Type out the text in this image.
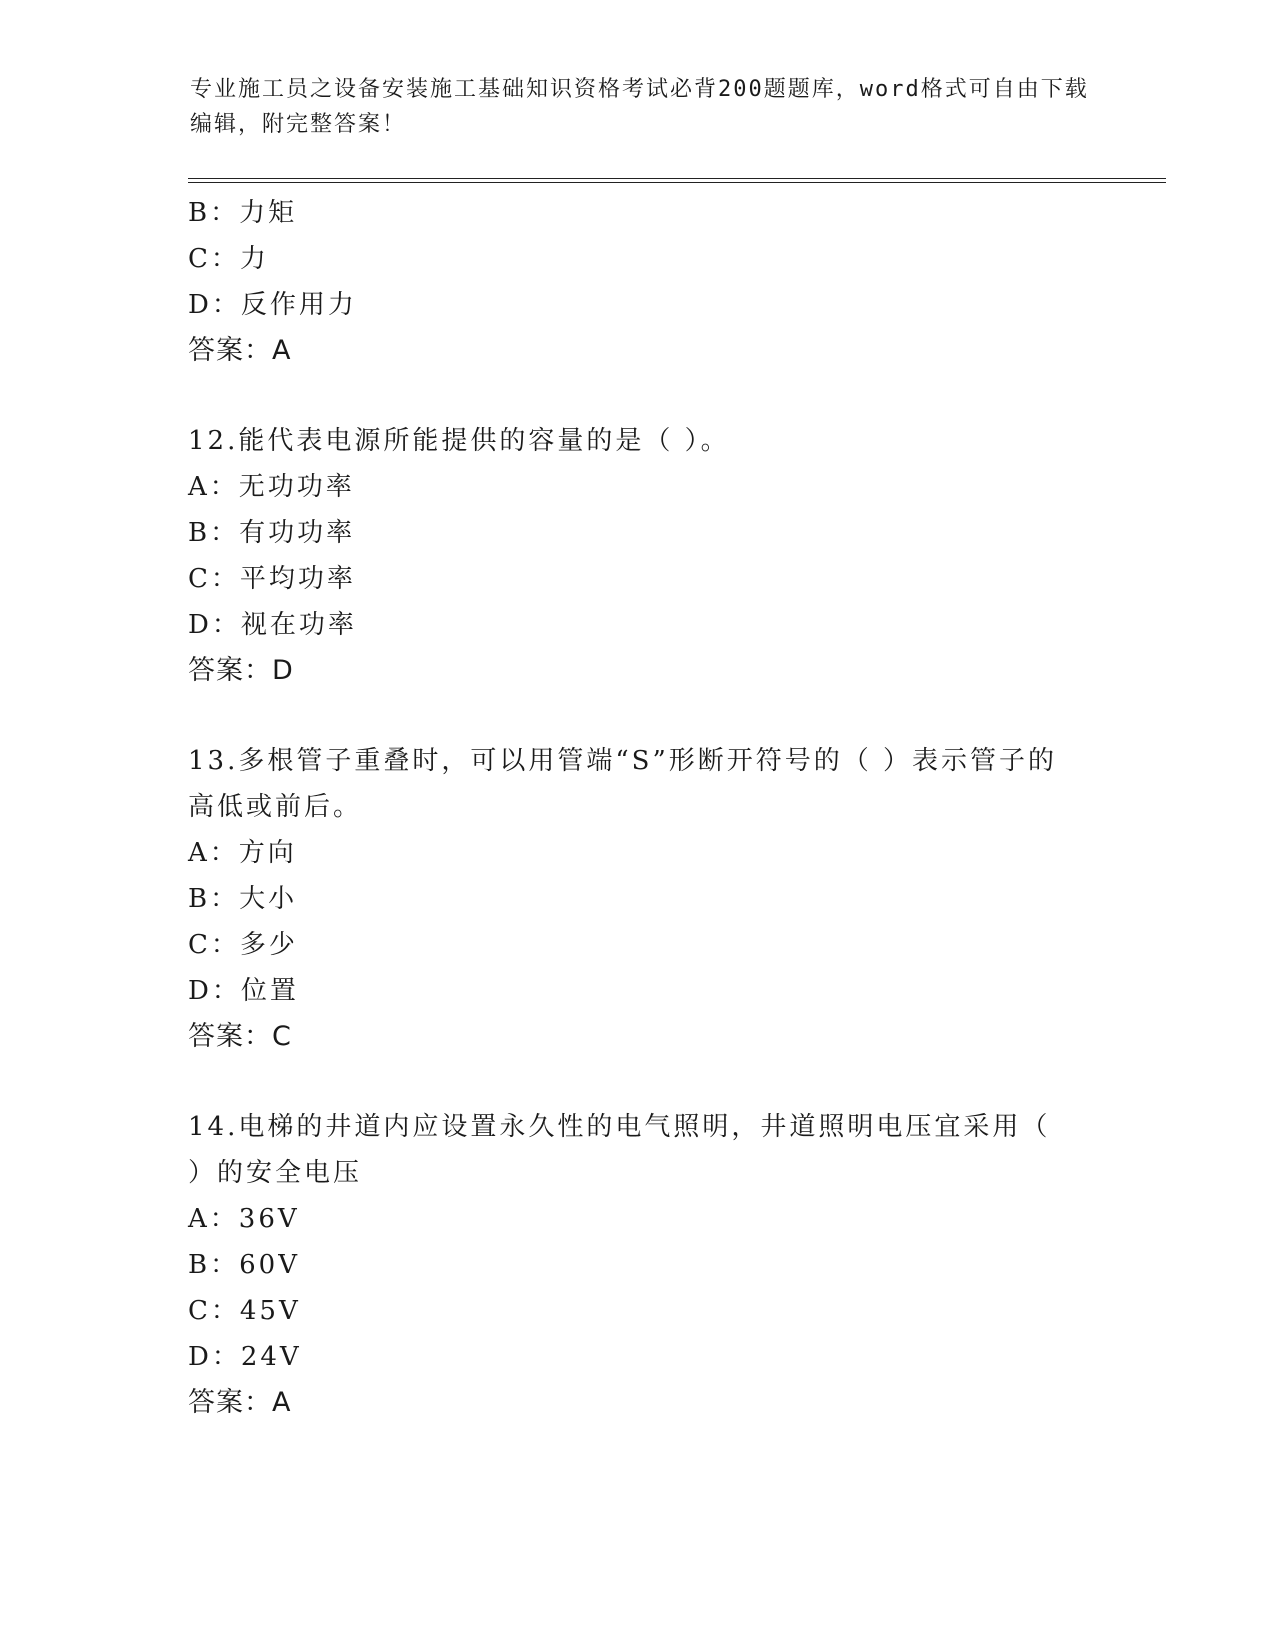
专业施工员之设备安装施工基础知识资格考试必背200题题库，word格式可自由下载编辑，附完整答案！
B：力矩
C：力
D：反作用力
答案：A
12.能代表电源所能提供的容量的是（ ）。
A：无功功率
B：有功功率
C：平均功率
D：视在功率
答案：D
13.多根管子重叠时，可以用管端“S”形断开符号的（ ）表示管子的
高低或前后。
A：方向
B：大小
C：多少
D：位置
答案：C
14.电梯的井道内应设置永久性的电气照明，井道照明电压宜采用（
）的安全电压
A：36V
B：60V
C：45V
D：24V
答案：A
